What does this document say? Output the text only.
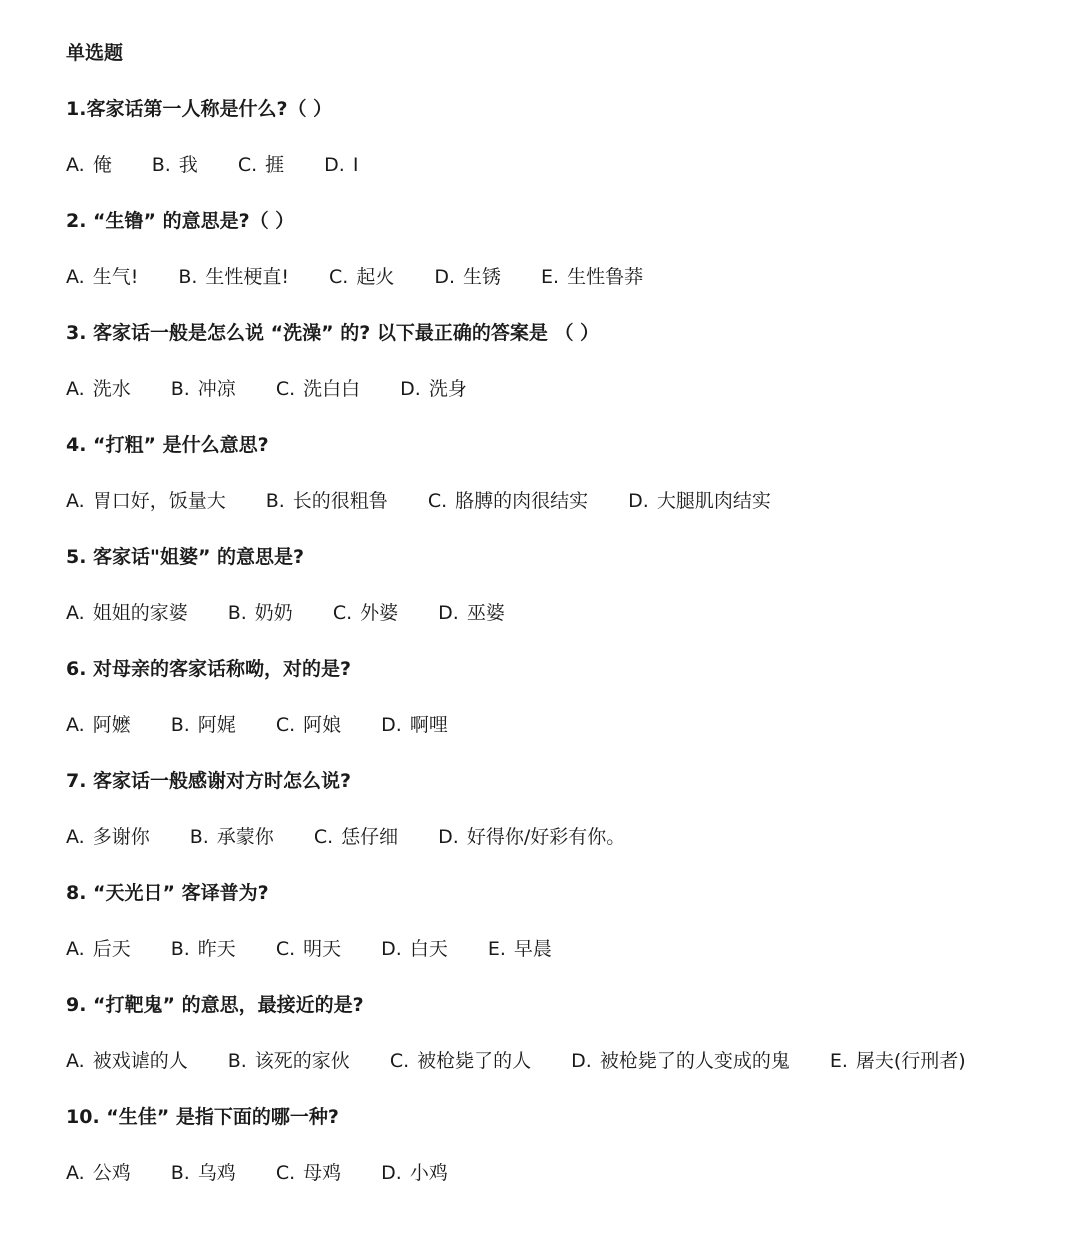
单选题
1.客家话第一人称是什么?（ ）
A. 俺 B. 我 C. 捱 D. I
2. “生镥” 的意思是?（ ）
A. 生气! B. 生性梗直! C. 起火 D. 生锈 E. 生性鲁莽
3. 客家话一般是怎么说 “洗澡” 的? 以下最正确的答案是 （ ）
A. 洗水 B. 冲凉 C. 洗白白 D. 洗身
4. “打粗” 是什么意思?
A. 胃口好，饭量大 B. 长的很粗鲁 C. 胳膊的肉很结实 D. 大腿肌肉结实
5. 客家话"姐婆” 的意思是?
A. 姐姐的家婆 B. 奶奶 C. 外婆 D. 巫婆
6. 对母亲的客家话称呦，对的是?
A. 阿嬷 B. 阿娓 C. 阿娘 D. 啊哩
7. 客家话一般感谢对方时怎么说?
A. 多谢你 B. 承蒙你 C. 恁仔细 D. 好得你/好彩有你。
8. “天光日” 客译普为?
A. 后天 B. 昨天 C. 明天 D. 白天 E. 早晨
9. “打靶鬼” 的意思，最接近的是?
A. 被戏谑的人 B. 该死的家伙 C. 被枪毙了的人 D. 被枪毙了的人变成的鬼 E. 屠夫(行刑者)
10. “生佳” 是指下面的哪一种?
A. 公鸡 B. 乌鸡 C. 母鸡 D. 小鸡
